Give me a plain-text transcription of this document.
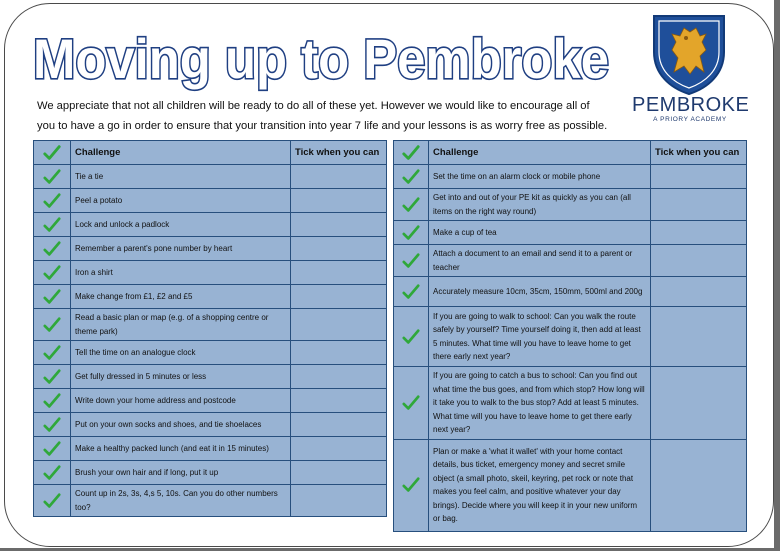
Moving up to Pembroke
PEMBROKE
A PRIORY ACADEMY
We appreciate that not all children will be ready to do all of these yet. However we would like to encourage all of
you to have a go in order to ensure that your transition into year 7 life and your lessons is as worry free as possible.
	Challenge	Tick when you can
	Tie a tie	
	Peel a potato	
	Lock and unlock a padlock	
	Remember a parent's pone number by heart	
	Iron a shirt	
	Make change from £1, £2 and £5	
	Read a basic plan or map (e.g. of a shopping centre or theme park)	
	Tell the time on an analogue clock	
	Get fully dressed in 5 minutes or less	
	Write down your home address and postcode	
	Put on your own socks and shoes, and tie shoelaces	
	Make a healthy packed lunch (and eat it in 15 minutes)	
	Brush your own hair and if long, put it up	
	Count up in 2s, 3s, 4,s 5, 10s. Can you do other numbers too?	
	Challenge	Tick when you can
	Set the time on an alarm clock or mobile phone	
	Get into and out of your PE kit as quickly as you can (all items on the right way round)	
	Make a cup of tea	
	Attach a document to an email and send it to a parent or teacher	
	Accurately measure 10cm, 35cm, 150mm, 500ml and 200g	
	If you are going to walk to school: Can you walk the route safely by yourself? Time yourself doing it, then add at least 5 minutes. What time will you have to leave home to get there early next year?	
	If you are going to catch a bus to school: Can you find out what time the bus goes, and from which stop? How long will it take you to walk to the bus stop? Add at least 5 minutes. What time will you have to leave home to get there early next year?	
	Plan or make a 'what it wallet' with your home contact details, bus ticket, emergency money and secret smile object (a small photo, skeil, keyring, pet rock or note that makes you feel calm, and positive whatever your day brings). Decide where you will keep it in your new uniform or bag.	
